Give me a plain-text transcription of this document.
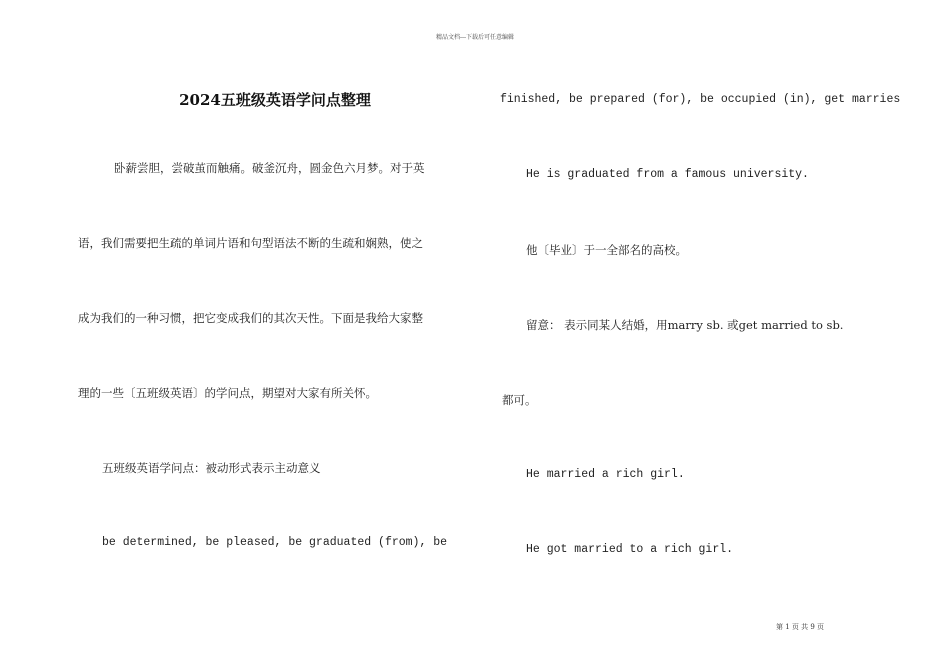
精品文档---下载后可任意编辑
2024五班级英语学问点整理
卧薪尝胆，尝破茧而触痛。破釜沉舟，圆金色六月梦。对于英
语，我们需要把生疏的单词片语和句型语法不断的生疏和娴熟，使之
成为我们的一种习惯，把它变成我们的其次天性。下面是我给大家整
理的一些〔五班级英语〕的学问点，期望对大家有所关怀。
五班级英语学问点：被动形式表示主动意义
be determined, be pleased, be graduated (from), be
finished, be prepared (for), be occupied (in), get marries
He is graduated from a famous university.
他〔毕业〕于一全部名的高校。
留意： 表示同某人结婚，用marry sb. 或get married to sb.
都可。
He married a rich girl.
He got married to a rich girl.
第 1 页 共 9 页
